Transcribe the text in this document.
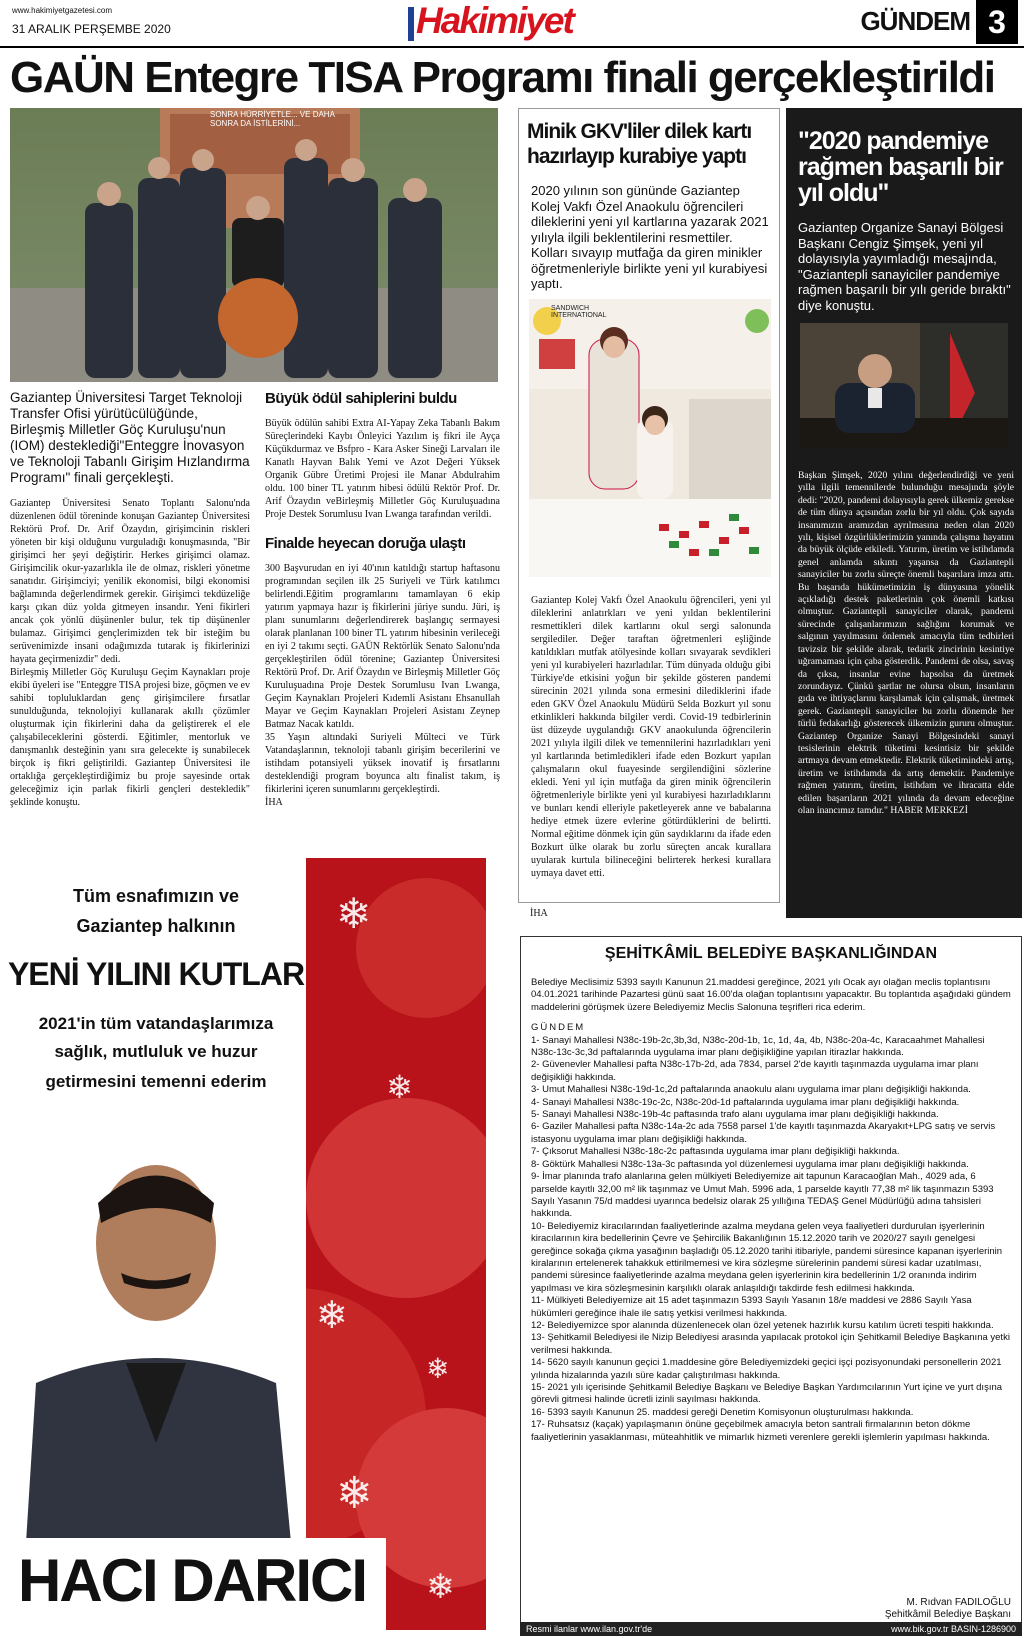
www.hakimiyetgazetesi.com
31 ARALIK PERŞEMBE 2020	Hakimiyet	GÜNDEM 3
GAÜN Entegre TISA Programı finali gerçekleştirildi
SONRA HÜRRİYETLE... VE DAHA SONRA DA İSTİLERİNİ...
Gaziantep Üniversitesi Target Teknoloji Transfer Ofisi yürütücülüğünde, Birleşmiş Milletler Göç Kuruluşu'nun (IOM) desteklediği"Enteggre İnovasyon ve Teknoloji Tabanlı Girişim Hızlandırma Programı" finali gerçekleşti.

Gaziantep Üniversitesi Senato Toplantı Salonu'nda düzenlenen ödül töreninde konuşan Gaziantep Üniversitesi Rektörü Prof. Dr. Arif Özaydın, girişimcinin riskleri yöneten bir kişi olduğunu vurguladığı konuşmasında, "Bir girişimci her şeyi değiştirir. Herkes girişimci olamaz. Girişimcilik okur-yazarlıkla ile de olmaz, riskleri yönetme sanatıdır. Girişimciyi; yenilik ekonomisi, bilgi ekonomisi bağlamında değerlendirmek gerekir. Girişimci tekdüzeliğe karşı çıkan düz yolda gitmeyen insandır. Yeni fikirleri ancak çok yönlü düşünenler bulur, tek tip düşünenler bulamaz. Girişimci gençlerimizden tek bir isteğim bu serüvenimizde insani odağımızda tutarak iş fikirlerinizi hayata geçirmenizdir" dedi.

Birleşmiş Milletler Göç Kuruluşu Geçim Kaynakları proje ekibi üyeleri ise "Enteggre TISA projesi bize, göçmen ve ev sahibi topluluklardan genç girişimcilere fırsatlar sunulduğunda, teknolojiyi kullanarak akıllı çözümler oluşturmak için fikirlerini daha da geliştirerek el ele çalışabileceklerini gösterdi. Eğitimler, mentorluk ve danışmanlık desteğinin yanı sıra gelecekte iş sunabilecek birçok iş fikri geliştirildi. Gaziantep Üniversitesi ile ortaklığa gerçekleştirdiğimiz bu proje sayesinde ortak geleceğimiz için parlak fikirli gençleri destekledik" şeklinde konuştu.

Büyük ödül sahiplerini buldu

Büyük ödülün sahibi Extra AI-Yapay Zeka Tabanlı Bakım Süreçlerindeki Kaybı Önleyici Yazılım iş fikri ile Ayça Küçükdurmaz ve Bsfpro - Kara Asker Sineği Larvaları ile Kanatlı Hayvan Balık Yemi ve Azot Değeri Yüksek Organik Gübre Üretimi Projesi ile Manar Abdulrahim oldu. 100 biner TL yatırım hibesi ödülü Rektör Prof. Dr. Arif Özaydın veBirleşmiş Milletler Göç Kuruluşuadına Proje Destek Sorumlusu Ivan Lwanga tarafından verildi.

Finalde heyecan doruğa ulaştı

300 Başvurudan en iyi 40'ının katıldığı startup haftasonu programından seçilen ilk 25 Suriyeli ve Türk katılımcı belirlendi.Eğitim programlarını tamamlayan 6 ekip yatırım yapmaya hazır iş fikirlerini jüriye sundu. Jüri, iş planı sunumlarını değerlendirerek başlangıç sermayesi olarak planlanan 100 biner TL yatırım hibesinin verileceği en iyi 2 takımı seçti. GAÜN Rektörlük Senato Salonu'nda gerçekleştirilen ödül törenine; Gaziantep Üniversitesi Rektörü Prof. Dr. Arif Özaydın ve Birleşmiş Milletler Göç Kuruluşuadına Proje Destek Sorumlusu Ivan Lwanga, Geçim Kaynakları Projeleri Kıdemli Asistanı Ehsanullah Mayar ve Geçim Kaynakları Projeleri Asistanı Zeynep Batmaz Nacak katıldı.

35 Yaşın altındaki Suriyeli Mülteci ve Türk Vatandaşlarının, teknoloji tabanlı girişim becerilerini ve istihdam potansiyeli yüksek inovatif iş fırsatlarını desteklendiği program boyunca altı finalist takım, iş fikirlerini içeren sunumlarını gerçekleştirdi.

İHA

Minik GKV'liler dilek kartı hazırlayıp kurabiye yaptı
2020 yılının son gününde Gaziantep Kolej Vakfı Özel Anaokulu öğrencileri dileklerini yeni yıl kartlarına yazarak 2021 yılıyla ilgili beklentilerini resmettiler. Kolları sıvayıp mutfağa da giren minikler öğretmenleriyle birlikte yeni yıl kurabiyesi yaptı.
SANDWICH INTERNATIONAL

Gaziantep Kolej Vakfı Özel Anaokulu öğrencileri, yeni yıl dileklerini anlatırkları ve yeni yıldan beklentilerini resmettikleri dilek kartlarını okul sergi salonunda sergilediler. Değer taraftan öğretmenleri eşliğinde katıldıkları mutfak atölyesinde kolları sıvayarak sevdikleri yeni yıl kurabiyeleri hazırladılar. Tüm dünyada olduğu gibi Türkiye'de etkisini yoğun bir şekilde gösteren pandemi sürecinin 2021 yılında sona ermesini dilediklerini ifade eden GKV Özel Anaokulu Müdürü Selda Bozkurt yıl sonu etkinlikleri hakkında bilgiler verdi. Covid-19 tedbirlerinin üst düzeyde uygulandığı GKV anaokulunda öğrencilerin 2021 yılıyla ilgili dilek ve temennilerini hazırladıkları yeni yıl kartlarında betimledikleri ifade eden Bozkurt yapılan çalışmaların okul fuayesinde sergilendiğini sözlerine ekledi. Yeni yıl için mutfağa da giren minik öğrencilerin öğretmenleriyle birlikte yeni yıl kurabiyesi hazırladıklarını ve bunları kendi elleriyle paketleyerek anne ve babalarına hediye etmek üzere evlerine götürdüklerini de belirtti. Normal eğitime dönmek için gün saydıklarını da ifade eden Bozkurt ülke olarak bu zorlu süreçten ancak kurallara uyularak kurtula bilineceğini belirterek herkesi kurallara uymaya davet etti.

İHA

"2020 pandemiye rağmen başarılı bir yıl oldu"
Gaziantep Organize Sanayi Bölgesi Başkanı Cengiz Şimşek, yeni yıl dolayısıyla yayımladığı mesajında, "Gaziantepli sanayiciler pandemiye rağmen başarılı bir yılı geride bıraktı" diye konuştu.

Başkan Şimşek, 2020 yılını değerlendirdiği ve yeni yılla ilgili temennilerde bulunduğu mesajında şöyle dedi: "2020, pandemi dolayısıyla gerek ülkemiz gerekse de tüm dünya açısından zorlu bir yıl oldu. Çok sayıda insanımızın aramızdan ayrılmasına neden olan 2020 yılı, kişisel özgürlüklerimizin yanında çalışma hayatını da büyük ölçüde etkiledi. Yatırım, üretim ve istihdamda genel anlamda sıkıntı yaşansa da Gaziantepli sanayiciler bu zorlu süreçte önemli başarılara imza attı. Bu başarıda hükümetimizin iş dünyasına yönelik açıkladığı destek paketlerinin çok önemli katkısı olmuştur. Gaziantepli sanayiciler olarak, pandemi sürecinde çalışanlarımızın sağlığını korumak ve salgının yayılmasını önlemek amacıyla tüm tedbirleri tavizsiz bir şekilde alarak, tedarik zincirinin kesintiye uğramaması için çaba gösterdik. Pandemi de olsa, savaş da çıksa, insanlar evine hapsolsa da üretmek zorundayız. Çünkü şartlar ne olursa olsun, insanların gıda ve ihtiyaçlarını karşılamak için çalışmak, üretmek gerek. Gaziantepli sanayiciler bu zorlu dönemde her türlü fedakarlığı gösterecek ülkemizin gururu olmuştur. Gaziantep Organize Sanayi Bölgesindeki sanayi tesislerinin elektrik tüketimi kesintisiz bir şekilde artmaya devam etmektedir. Elektrik tüketimindeki artış, üretim ve istihdamda da artış demektir. Pandemiye rağmen yatırım, üretim, istihdam ve ihracatta elde edilen başarıların 2021 yılında da devam edeceğine olan inancımız tamdır." HABER MERKEZİ

❄
❄
❄
❄
❄
❄
Tüm esnafımızın ve
Gaziantep halkının
YENİ YILINI KUTLAR
2021'in tüm vatandaşlarımıza
sağlık, mutluluk ve huzur
getirmesini temenni ederim
HACI DARICI
ŞEHİTKÂMİL BELEDİYE BAŞKANLIĞINDAN

Belediye Meclisimiz 5393 sayılı Kanunun 21.maddesi gereğince, 2021 yılı Ocak ayı olağan meclis toplantısını 04.01.2021 tarihinde Pazartesi günü saat 16.00'da olağan toplantısını yapacaktır. Bu toplantıda aşağıdaki gündem maddelerini görüşmek üzere Belediyemiz Meclis Salonuna teşrifleri rica ederim.

GÜNDEM

1- Sanayi Mahallesi N38c-19b-2c,3b,3d, N38c-20d-1b, 1c, 1d, 4a, 4b, N38c-20a-4c, Karacaahmet Mahallesi N38c-13c-3c,3d paftalarında uygulama imar planı değişikliğine yapılan itirazlar hakkında.

2- Güvenevler Mahallesi pafta N38c-17b-2d, ada 7834, parsel 2'de kayıtlı taşınmazda uygulama imar planı değişikliği hakkında.

3- Umut Mahallesi N38c-19d-1c,2d paftalarında anaokulu alanı uygulama imar planı değişikliği hakkında.

4- Sanayi Mahallesi N38c-19c-2c, N38c-20d-1d paftalarında uygulama imar planı değişikliği hakkında.

5- Sanayi Mahallesi N38c-19b-4c paftasında trafo alanı uygulama imar planı değişikliği hakkında.

6- Gaziler Mahallesi pafta N38c-14a-2c ada 7558 parsel 1'de kayıtlı taşınmazda Akaryakıt+LPG satış ve servis istasyonu uygulama imar planı değişikliği hakkında.

7- Çıksorut Mahallesi N38c-18c-2c paftasında uygulama imar planı değişikliği hakkında.

8- Göktürk Mahallesi N38c-13a-3c paftasında yol düzenlemesi uygulama imar planı değişikliği hakkında.

9- İmar planında trafo alanlarına gelen mülkiyeti Belediyemize ait tapunun Karacaoğlan Mah., 4029 ada, 6 parselde kayıtlı 32,00 m² lik taşınmaz ve Umut Mah. 5996 ada, 1 parselde kayıtlı 77,38 m² lik taşınmazın 5393 Sayılı Yasanın 75/d maddesi uyarınca bedelsiz olarak 25 yıllığına TEDAŞ Genel Müdürlüğü adına tahsisleri hakkında.

10- Belediyemiz kiracılarından faaliyetlerinde azalma meydana gelen veya faaliyetleri durdurulan işyerlerinin kiracılarının kira bedellerinin Çevre ve Şehircilik Bakanlığının 15.12.2020 tarih ve 2020/27 sayılı genelgesi gereğince sokağa çıkma yasağının başladığı 05.12.2020 tarihi itibariyle, pandemi süresince kapanan işyerlerinin kiralarının ertelenerek tahakkuk ettirilmemesi ve kira sözleşme sürelerinin pandemi süresi kadar uzatılması, pandemi süresince faaliyetlerinde azalma meydana gelen işyerlerinin kira bedellerinin 1/2 oranında indirim yapılması ve kira sözleşmesinin karşılıklı olarak anlaşıldığı takdirde fesh edilmesi hakkında.

11- Mülkiyeti Belediyemize ait 15 adet taşınmazın 5393 Sayılı Yasanın 18/e maddesi ve 2886 Sayılı Yasa hükümleri gereğince ihale ile satış yetkisi verilmesi hakkında.

12- Belediyemizce spor alanında düzenlenecek olan özel yetenek hazırlık kursu katılım ücreti tespiti hakkında.

13- Şehitkamil Belediyesi ile Nizip Belediyesi arasında yapılacak protokol için Şehitkamil Belediye Başkanına yetki verilmesi hakkında.

14- 5620 sayılı kanunun geçici 1.maddesine göre Belediyemizdeki geçici işçi pozisyonundaki personellerin 2021 yılında hizalarında yazılı süre kadar çalıştırılması hakkında.

15- 2021 yılı içerisinde Şehitkamil Belediye Başkanı ve Belediye Başkan Yardımcılarının Yurt içine ve yurt dışına görevli gitmesi halinde ücretli izinli sayılması hakkında.

16- 5393 sayılı Kanunun 25. maddesi gereği Denetim Komisyonun oluşturulması hakkında.

17- Ruhsatsız (kaçak) yapılaşmanın önüne geçebilmek amacıyla beton santrali firmalarının beton dökme faaliyetlerinin yasaklanması, müteahhitlik ve mimarlık hizmeti verenlere gerekli işlemlerin yapılması hakkında.

M. Rıdvan FADILOĞLU
Şehitkâmil Belediye Başkanı
Resmi ilanlar www.ilan.gov.tr'de	www.bik.gov.tr BASIN-1286900
